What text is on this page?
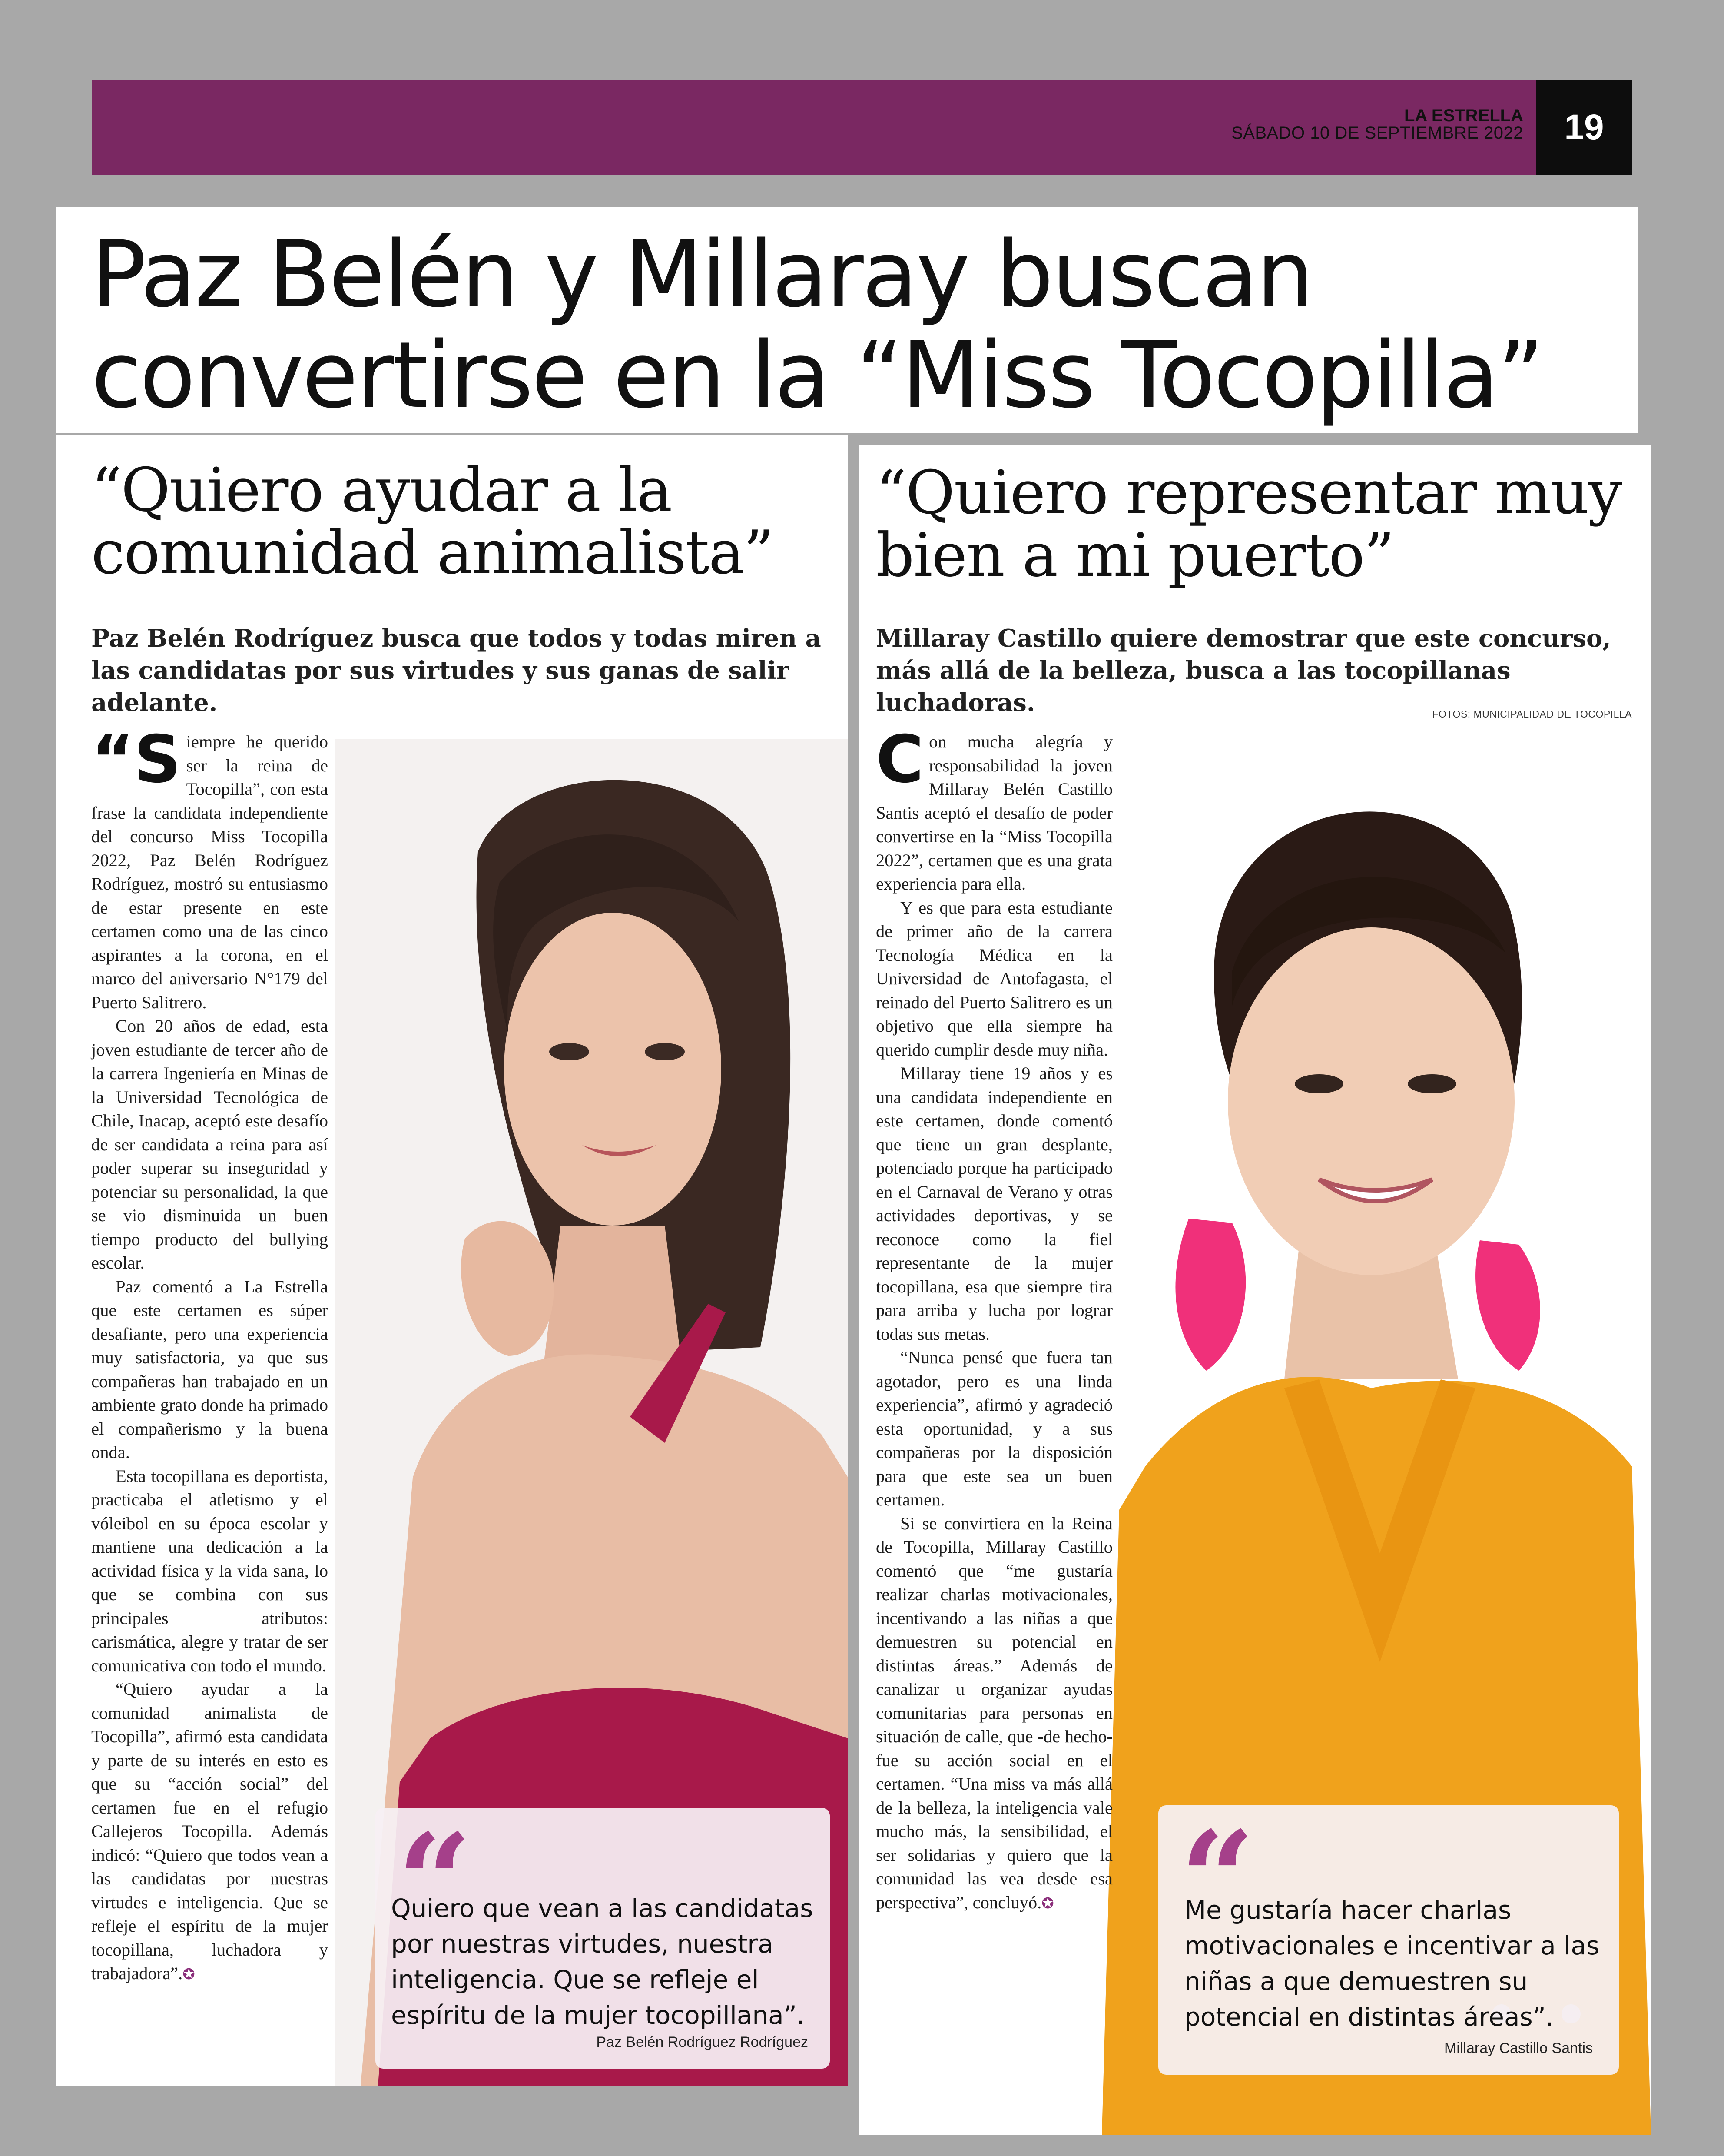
LA ESTRELLA
SÁBADO 10 DE SEPTIEMBRE 2022	19
Paz Belén y Millaray buscan convertirse en la “Miss Tocopilla”
“Quiero ayudar a la comunidad animalista”

Paz Belén Rodríguez busca que todos y todas miren a las candidatas por sus virtudes y sus ganas de salir adelante.

“S iempre he querido ser la reina de Tocopilla”, con esta frase la candidata independiente del concurso Miss Tocopilla 2022, Paz Belén Rodríguez Rodríguez, mostró su entusiasmo de estar presente en este certamen como una de las cinco aspirantes a la corona, en el marco del aniversario N°179 del Puerto Salitrero.

Con 20 años de edad, esta joven estudiante de tercer año de la carrera Ingeniería en Minas de la Universidad Tecnológica de Chile, Inacap, aceptó este desafío de ser candidata a reina para así poder superar su inseguridad y potenciar su personalidad, la que se vio disminuida un buen tiempo producto del bullying escolar.

Paz comentó a La Estrella que este certamen es súper desafiante, pero una experiencia muy satisfactoria, ya que sus compañeras han trabajado en un ambiente grato donde ha primado el compañerismo y la buena onda.

Esta tocopillana es deportista, practicaba el atletismo y el vóleibol en su época escolar y mantiene una dedicación a la actividad física y la vida sana, lo que se combina con sus principales atributos: carismática, alegre y tratar de ser comunicativa con todo el mundo.

“Quiero ayudar a la comunidad animalista de Tocopilla”, afirmó esta candidata y parte de su interés en esto es que su “acción social” del certamen fue en el refugio Callejeros Tocopilla. Además indicó: “Quiero que todos vean a las candidatas por nuestras virtudes e inteligencia. Que se refleje el espíritu de la mujer tocopillana, luchadora y trabajadora”.✪

“
Quiero que vean a las candidatas por nuestras virtudes, nuestra inteligencia. Que se refleje el espíritu de la mujer tocopillana”.
Paz Belén Rodríguez Rodríguez
“Quiero representar muy bien a mi puerto”

Millaray Castillo quiere demostrar que este concurso, más allá de la belleza, busca a las tocopillanas luchadoras.	FOTOS: MUNICIPALIDAD DE TOCOPILLA
C on mucha alegría y responsabilidad la joven Millaray Belén Castillo Santis aceptó el desafío de poder convertirse en la “Miss Tocopilla 2022”, certamen que es una grata experiencia para ella.

Y es que para esta estudiante de primer año de la carrera Tecnología Médica en la Universidad de Antofagasta, el reinado del Puerto Salitrero es un objetivo que ella siempre ha querido cumplir desde muy niña.

Millaray tiene 19 años y es una candidata independiente en este certamen, donde comentó que tiene un gran desplante, potenciado porque ha participado en el Carnaval de Verano y otras actividades deportivas, y se reconoce como la fiel representante de la mujer tocopillana, esa que siempre tira para arriba y lucha por lograr todas sus metas.

“Nunca pensé que fuera tan agotador, pero es una linda experiencia”, afirmó y agradeció esta oportunidad, y a sus compañeras por la disposición para que este sea un buen certamen.

Si se convirtiera en la Reina de Tocopilla, Millaray Castillo comentó que “me gustaría realizar charlas motivacionales, incentivando a las niñas a que demuestren su potencial en distintas áreas.” Además de canalizar u organizar ayudas comunitarias para personas en situación de calle, que -de hecho- fue su acción social en el certamen. “Una miss va más allá de la belleza, la inteligencia vale mucho más, la sensibilidad, el ser solidarias y quiero que la comunidad las vea desde esa perspectiva”, concluyó.✪ “
Me gustaría hacer charlas motivacionales e incentivar a las niñas a que demuestren su potencial en distintas áreas”.
Millaray Castillo Santis
